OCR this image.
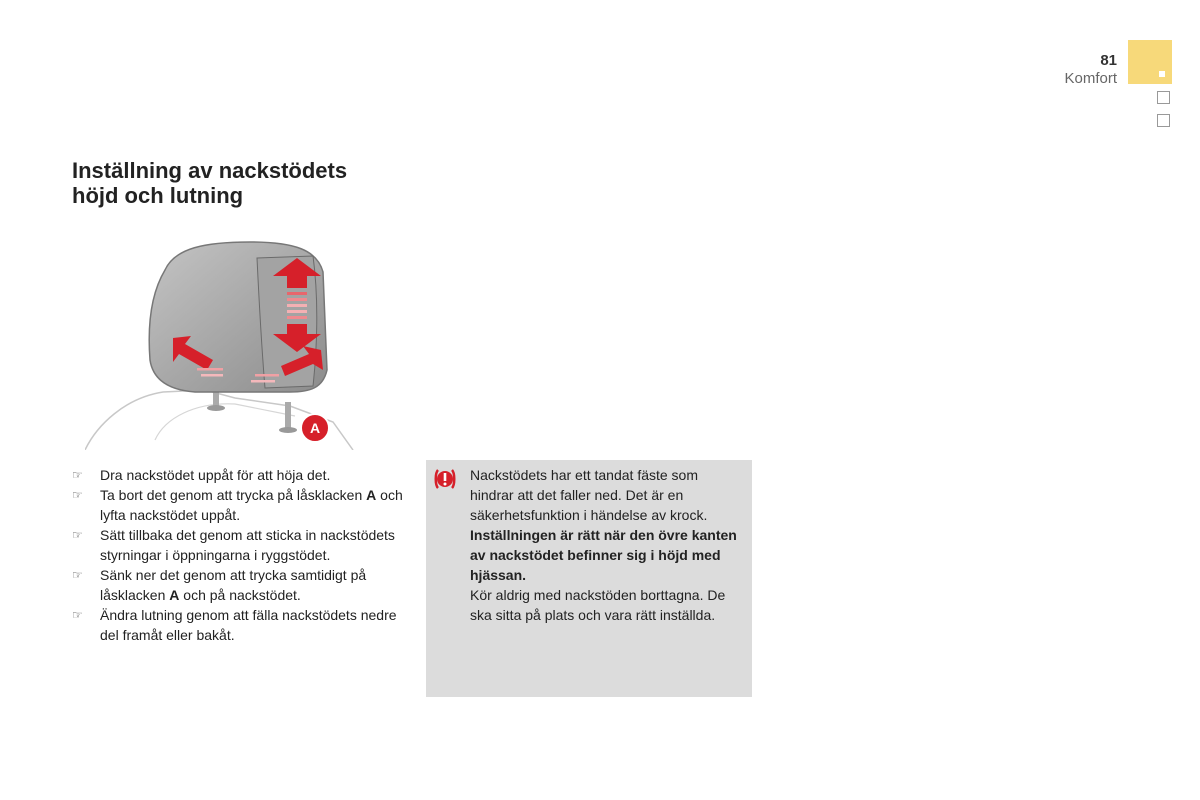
81
Komfort
Inställning av nackstödets
höjd och lutning
A
☞ Dra nackstödet uppåt för att höja det.
☞ Ta bort det genom att trycka på låsklacken A och lyfta nackstödet uppåt.
☞ Sätt tillbaka det genom att sticka in nackstödets styrningar i öppningarna i ryggstödet.
☞ Sänk ner det genom att trycka samtidigt på låsklacken A och på nackstödet.
☞ Ändra lutning genom att fälla nackstödets nedre del framåt eller bakåt.

Nackstödets har ett tandat fäste som hindrar att det faller ned. Det är en säkerhetsfunktion i händelse av krock.

Inställningen är rätt när den övre kanten av nackstödet befinner sig i höjd med hjässan.

Kör aldrig med nackstöden borttagna. De ska sitta på plats och vara rätt inställda.
